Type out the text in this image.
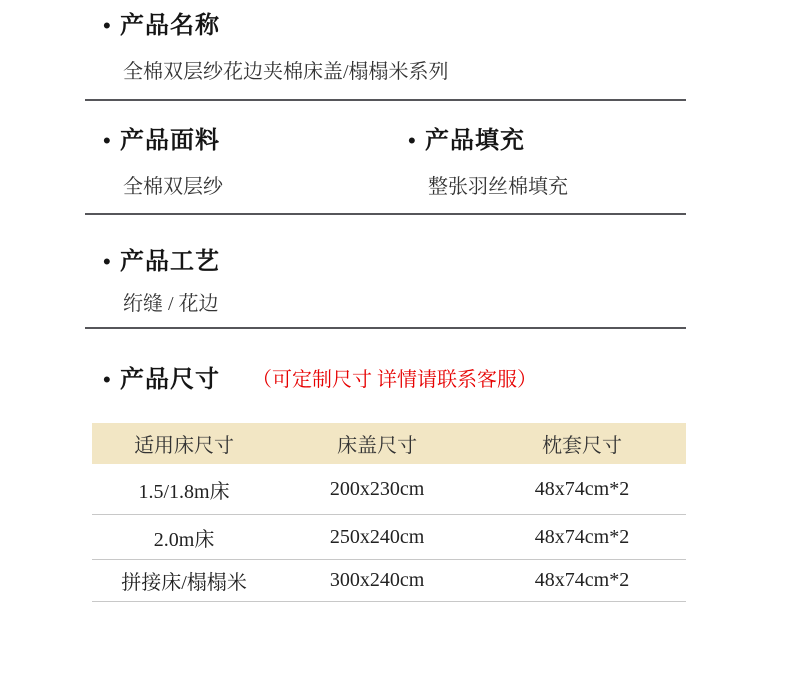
• 产品名称

全棉双层纱花边夹棉床盖/榻榻米系列

• 产品面料

全棉双层纱

• 产品填充

整张羽丝棉填充

• 产品工艺

绗缝 / 花边

• 产品尺寸 （可定制尺寸 详情请联系客服）
适用床尺寸	床盖尺寸	枕套尺寸
1.5/1.8m床	200x230cm	48x74cm*2
2.0m床	250x240cm	48x74cm*2
拼接床/榻榻米	300x240cm	48x74cm*2
